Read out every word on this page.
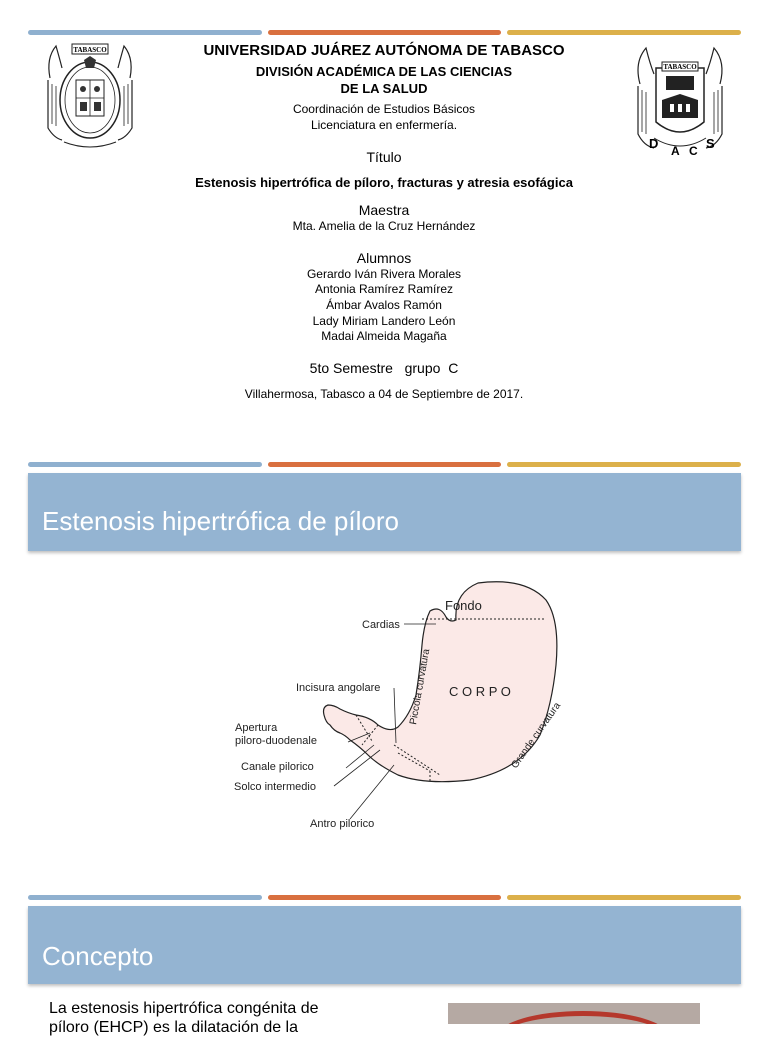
TABASCO
TABASCO
D A C S
UNIVERSIDAD JUÁREZ AUTÓNOMA DE TABASCO
DIVISIÓN ACADÉMICA DE LAS CIENCIAS
DE LA SALUD
Coordinación de Estudios Básicos
Licenciatura en enfermería.
Título
Estenosis hipertrófica de píloro, fracturas y atresia esofágica
Maestra
Mta. Amelia de la Cruz Hernández
Alumnos
Gerardo Iván Rivera Morales
Antonia Ramírez Ramírez
Ámbar Avalos Ramón
Lady Miriam Landero León
Madai Almeida Magaña
5to Semestre   grupo  C
Villahermosa, Tabasco a 04 de Septiembre de 2017.
Estenosis hipertrófica de píloro
Fondo
Cardias
C O R P O
Piccola curvatura
Grande curvatura
Incisura angolare
Apertura
piloro-duodenale
Canale pilorico
Solco intermedio
Antro pilorico
Concepto
La estenosis hipertrófica congénita de
píloro (EHCP) es la dilatación de la
